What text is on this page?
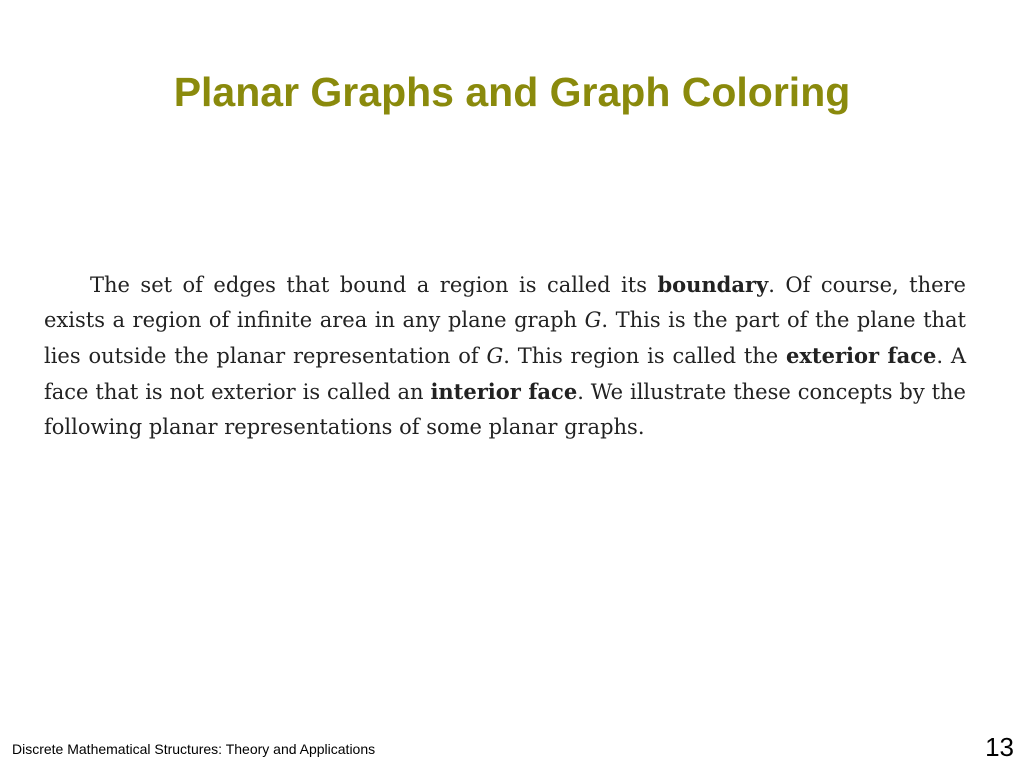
Planar Graphs and Graph Coloring

The set of edges that bound a region is called its boundary. Of course, there exists a region of infinite area in any plane graph G. This is the part of the plane that lies outside the planar representation of G. This region is called the exterior face. A face that is not exterior is called an interior face. We illustrate these concepts by the following planar representations of some planar graphs.

Discrete Mathematical Structures: Theory and Applications	13
